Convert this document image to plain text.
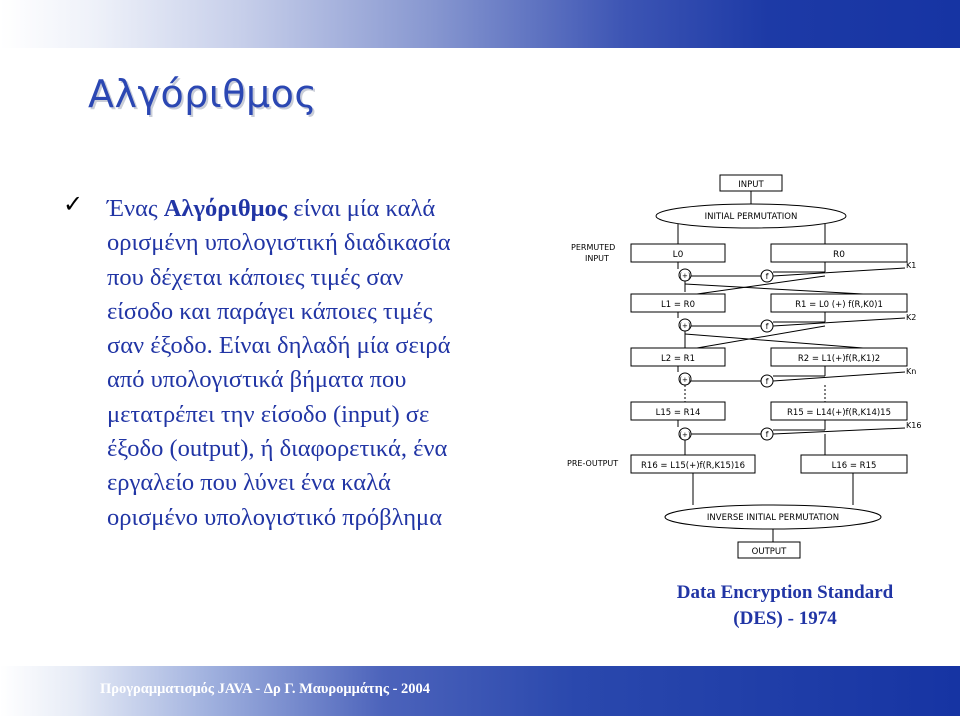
Αλγόριθμος
✓ Ένας Αλγόριθμος είναι μία καλά
ορισμένη υπολογιστική διαδικασία
που δέχεται κάποιες τιμές σαν
είσοδο και παράγει κάποιες τιμές
σαν έξοδο. Είναι δηλαδή μία σειρά
από υπολογιστικά βήματα που
μετατρέπει την είσοδο (input) σε
έξοδο (output), ή διαφορετικά, ένα
εργαλείο που λύνει ένα καλά
ορισμένο υπολογιστικό πρόβλημα
INPUT
INITIAL PERMUTATION
PERMUTED
INPUT	L0	R0
K1
(+)	f
L1 = R0	R1 = L0 (+) f(R,K0)1
K2
(+)	f
L2 = R1	R2 = L1(+)f(R,K1)2
Kn
(+)	f
L15 = R14	R15 = L14(+)f(R,K14)15
K16
(+)	f
PRE-OUTPUT	R16 = L15(+)f(R,K15)16	L16 = R15
INVERSE INITIAL PERMUTATION
OUTPUT
Data Encryption Standard
(DES) - 1974
Προγραμματισμός JAVA - Δρ Γ. Μαυρομμάτης - 2004
